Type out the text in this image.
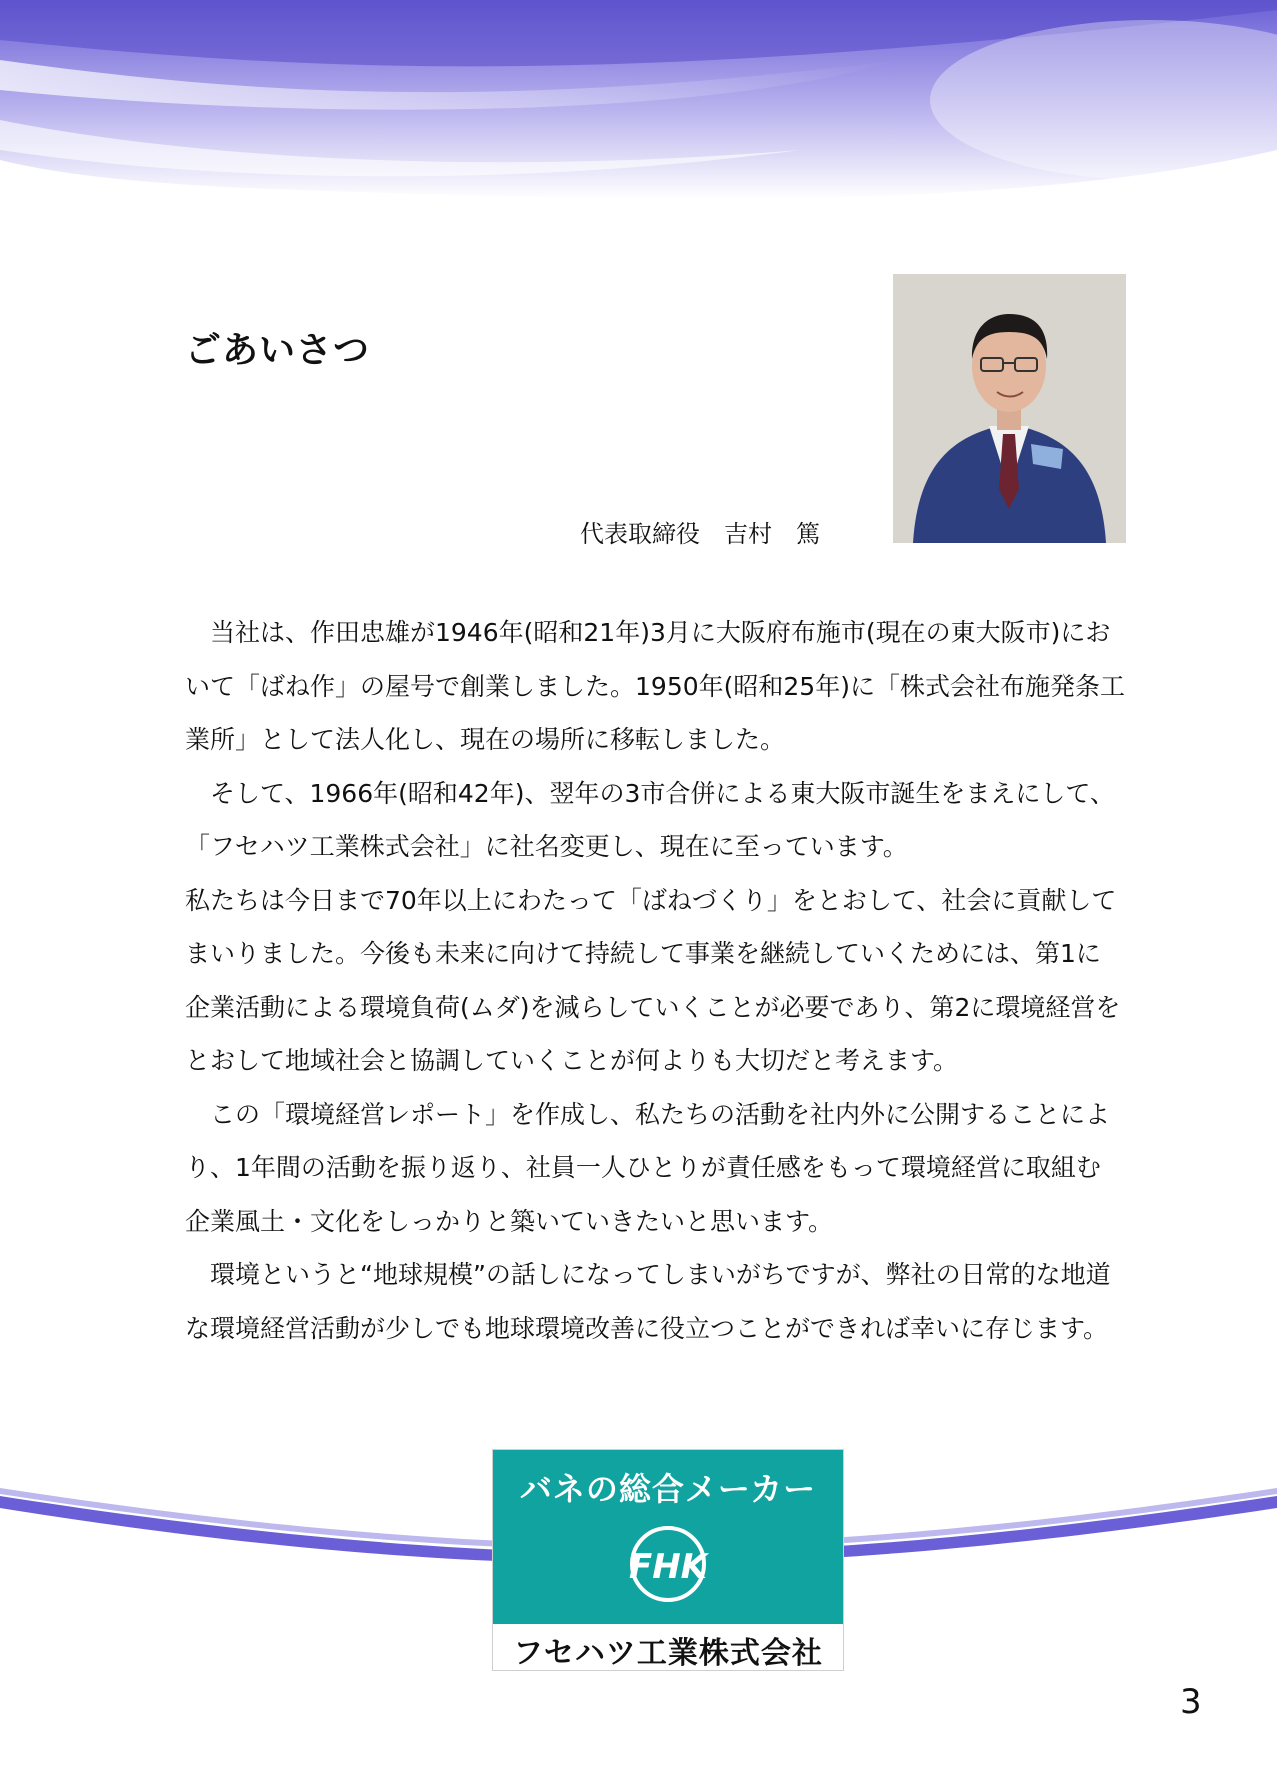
ごあいさつ
代表取締役　吉村　篤

当社は、作田忠雄が1946年(昭和21年)3月に大阪府布施市(現在の東大阪市)において「ばね作」の屋号で創業しました。1950年(昭和25年)に「株式会社布施発条工業所」として法人化し、現在の場所に移転しました。

そして、1966年(昭和42年)、翌年の3市合併による東大阪市誕生をまえにして、「フセハツ工業株式会社」に社名変更し、現在に至っています。

私たちは今日まで70年以上にわたって「ばねづくり」をとおして、社会に貢献してまいりました。今後も未来に向けて持続して事業を継続していくためには、第1に企業活動による環境負荷(ムダ)を減らしていくことが必要であり、第2に環境経営をとおして地域社会と協調していくことが何よりも大切だと考えます。

この「環境経営レポート」を作成し、私たちの活動を社内外に公開することにより、1年間の活動を振り返り、社員一人ひとりが責任感をもって環境経営に取組む企業風土・文化をしっかりと築いていきたいと思います。

環境というと“地球規模”の話しになってしまいがちですが、弊社の日常的な地道な環境経営活動が少しでも地球環境改善に役立つことができれば幸いに存じます。

バネの総合メーカー
FHK
フセハツ工業株式会社
3
